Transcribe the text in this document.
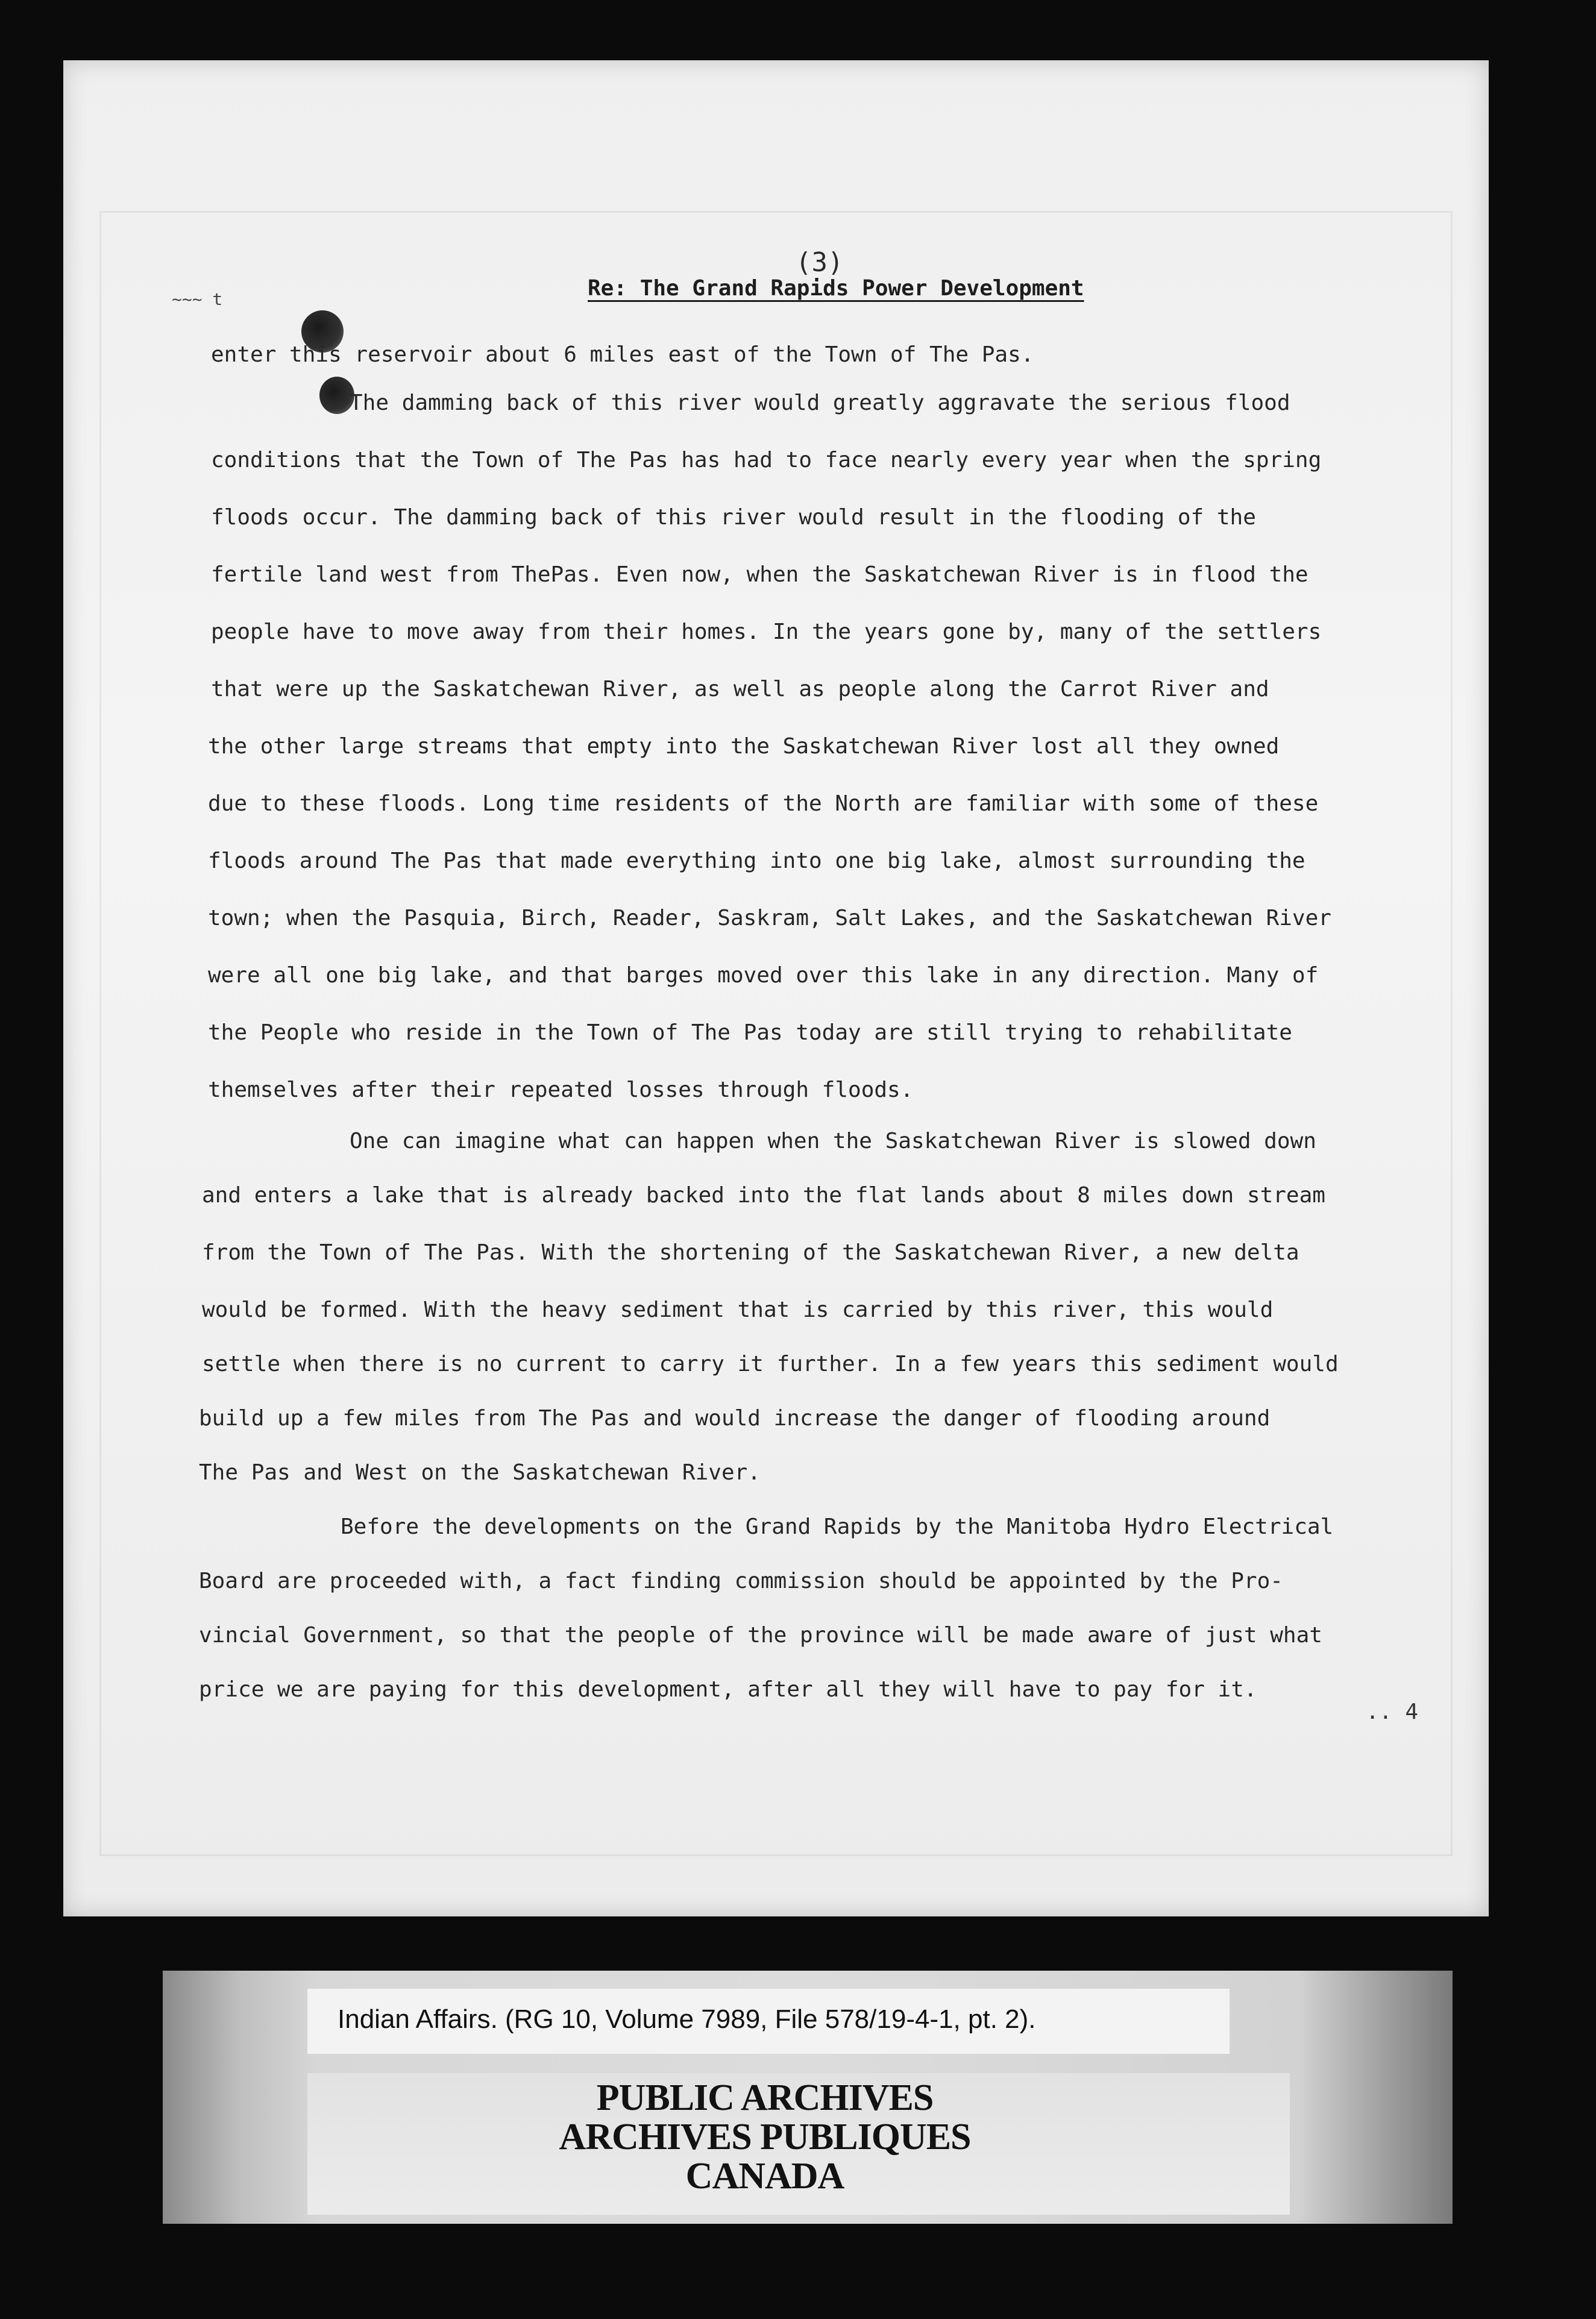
(3)
~~~ t	Re: The Grand Rapids Power Development
enter this reservoir about 6 miles east of the Town of The Pas.
The damming back of this river would greatly aggravate the serious flood
conditions that the Town of The Pas has had to face nearly every year when the spring
floods occur. The damming back of this river would result in the flooding of the
fertile land west from ThePas. Even now, when the Saskatchewan River is in flood the
people have to move away from their homes. In the years gone by, many of the settlers
that were up the Saskatchewan River, as well as people along the Carrot River and
the other large streams that empty into the Saskatchewan River lost all they owned
due to these floods. Long time residents of the North are familiar with some of these
floods around The Pas that made everything into one big lake, almost surrounding the
town; when the Pasquia, Birch, Reader, Saskram, Salt Lakes, and the Saskatchewan River
were all one big lake, and that barges moved over this lake in any direction. Many of
the People who reside in the Town of The Pas today are still trying to rehabilitate
themselves after their repeated losses through floods.
One can imagine what can happen when the Saskatchewan River is slowed down
and enters a lake that is already backed into the flat lands about 8 miles down stream
from the Town of The Pas. With the shortening of the Saskatchewan River, a new delta
would be formed. With the heavy sediment that is carried by this river, this would
settle when there is no current to carry it further. In a few years this sediment would
build up a few miles from The Pas and would increase the danger of flooding around
The Pas and West on the Saskatchewan River.
Before the developments on the Grand Rapids by the Manitoba Hydro Electrical
Board are proceeded with, a fact finding commission should be appointed by the Pro-
vincial Government, so that the people of the province will be made aware of just what
price we are paying for this development, after all they will have to pay for it.
.. 4
Indian Affairs. (RG 10, Volume 7989, File 578/19-4-1, pt. 2).
PUBLIC ARCHIVES
ARCHIVES PUBLIQUES
CANADA
